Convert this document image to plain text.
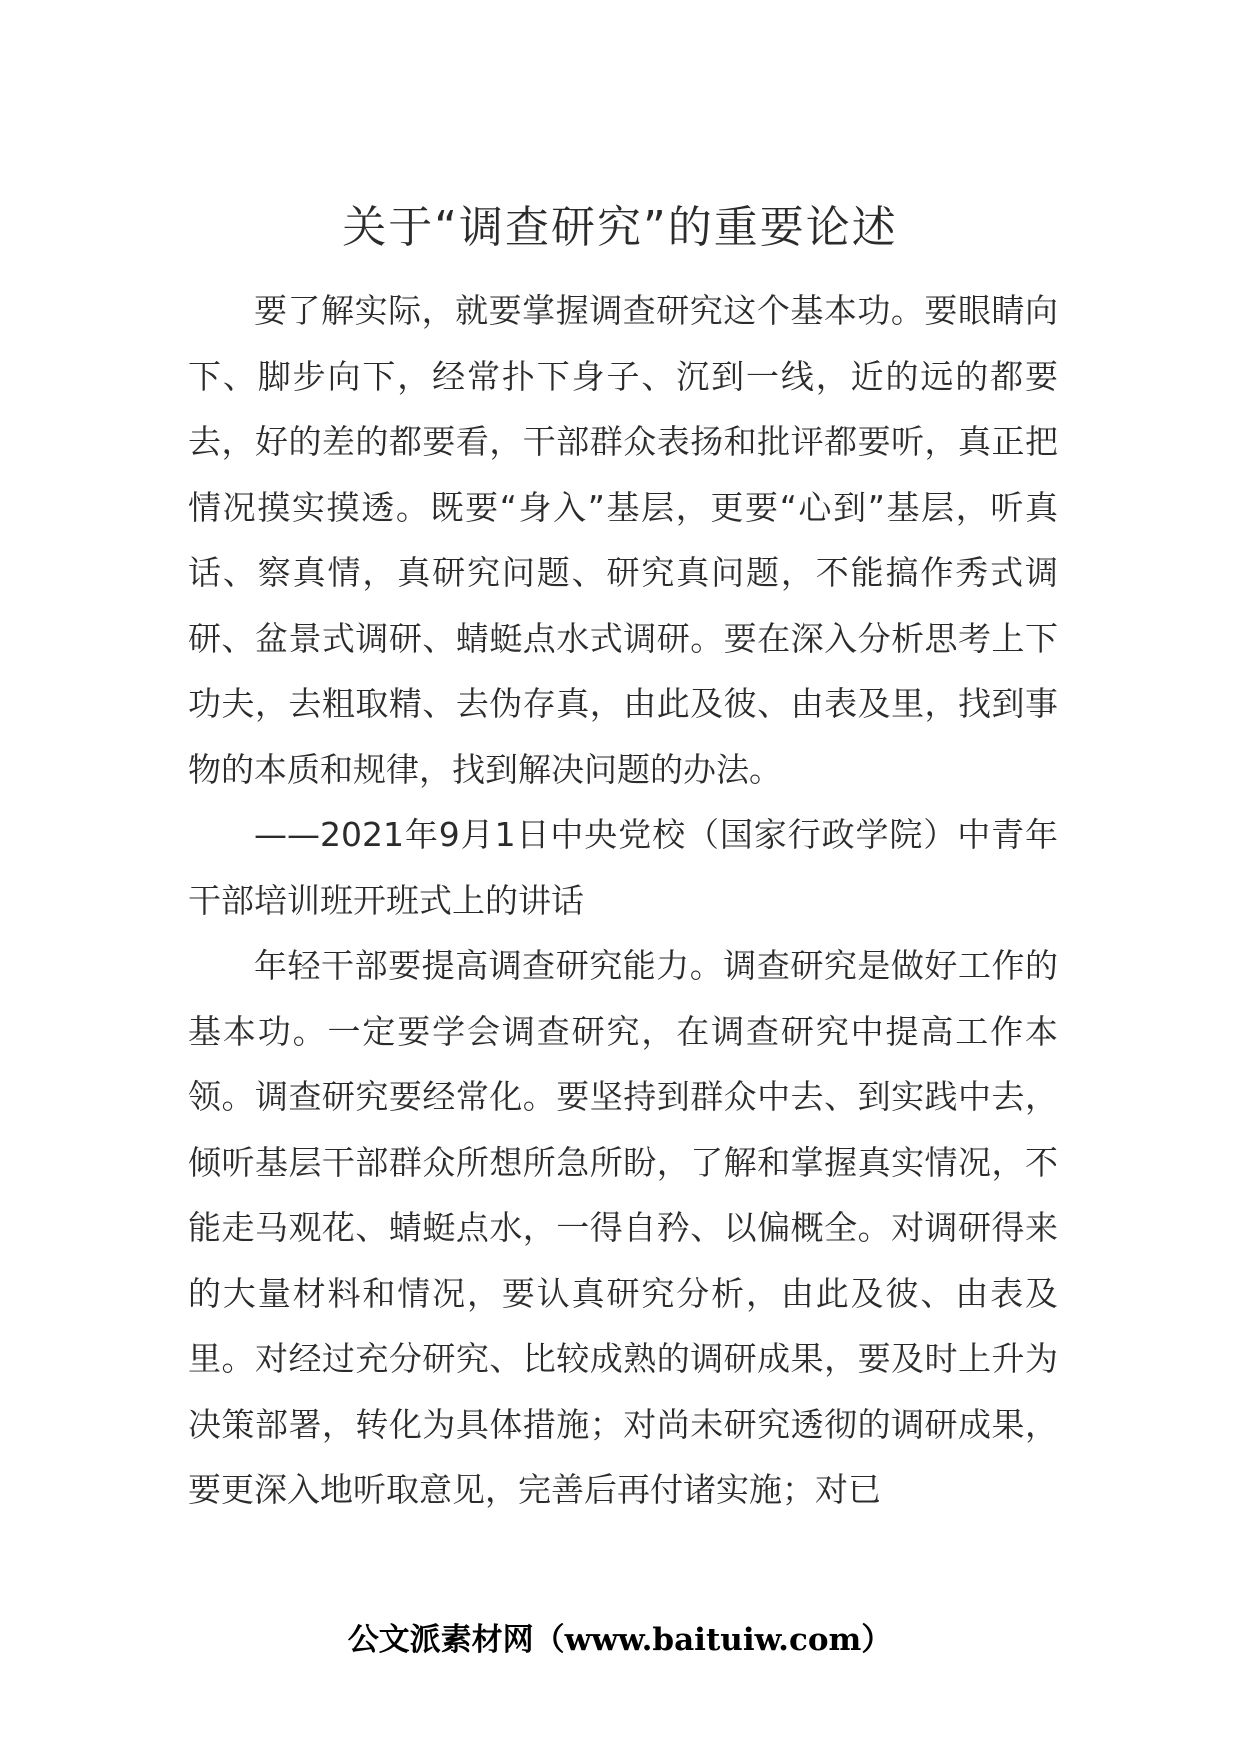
关于“调查研究”的重要论述

要了解实际，就要掌握调查研究这个基本功。要眼睛向下、脚步向下，经常扑下身子、沉到一线，近的远的都要去，好的差的都要看，干部群众表扬和批评都要听，真正把情况摸实摸透。既要“身入”基层，更要“心到”基层，听真话、察真情，真研究问题、研究真问题，不能搞作秀式调研、盆景式调研、蜻蜓点水式调研。要在深入分析思考上下功夫，去粗取精、去伪存真，由此及彼、由表及里，找到事物的本质和规律，找到解决问题的办法。

——2021年9月1日中央党校（国家行政学院）中青年干部培训班开班式上的讲话

年轻干部要提高调查研究能力。调查研究是做好工作的基本功。一定要学会调查研究，在调查研究中提高工作本领。调查研究要经常化。要坚持到群众中去、到实践中去，倾听基层干部群众所想所急所盼，了解和掌握真实情况，不能走马观花、蜻蜓点水，一得自矜、以偏概全。对调研得来的大量材料和情况，要认真研究分析，由此及彼、由表及里。对经过充分研究、比较成熟的调研成果，要及时上升为决策部署，转化为具体措施；对尚未研究透彻的调研成果，要更深入地听取意见，完善后再付诸实施；对已

公文派素材网（www.baituiw.com）
